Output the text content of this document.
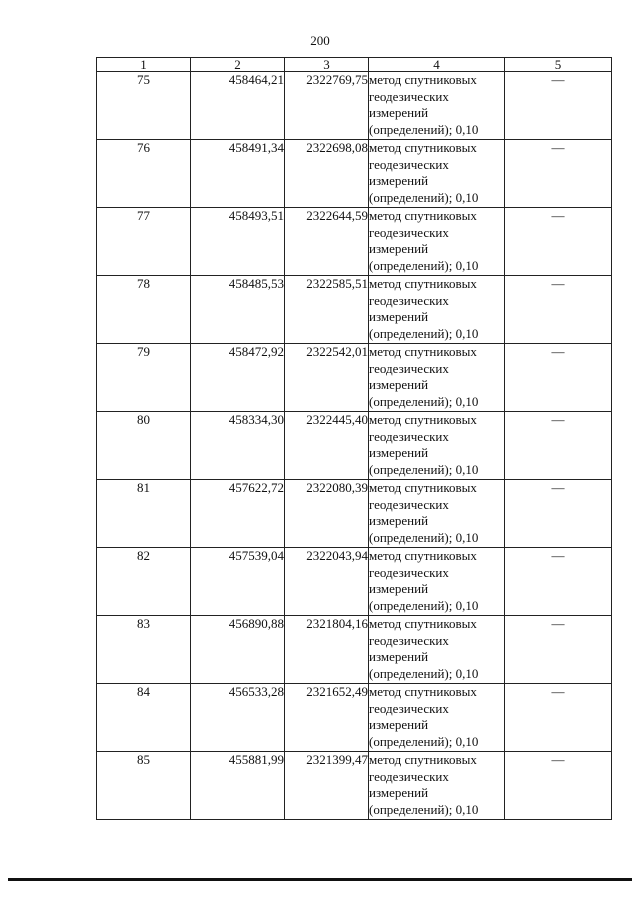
200
1	2	3	4	5
75	458464,21	2322769,75	метод спутниковых
геодезических
измерений
(определений); 0,10	—
76	458491,34	2322698,08	метод спутниковых
геодезических
измерений
(определений); 0,10	—
77	458493,51	2322644,59	метод спутниковых
геодезических
измерений
(определений); 0,10	—
78	458485,53	2322585,51	метод спутниковых
геодезических
измерений
(определений); 0,10	—
79	458472,92	2322542,01	метод спутниковых
геодезических
измерений
(определений); 0,10	—
80	458334,30	2322445,40	метод спутниковых
геодезических
измерений
(определений); 0,10	—
81	457622,72	2322080,39	метод спутниковых
геодезических
измерений
(определений); 0,10	—
82	457539,04	2322043,94	метод спутниковых
геодезических
измерений
(определений); 0,10	—
83	456890,88	2321804,16	метод спутниковых
геодезических
измерений
(определений); 0,10	—
84	456533,28	2321652,49	метод спутниковых
геодезических
измерений
(определений); 0,10	—
85	455881,99	2321399,47	метод спутниковых
геодезических
измерений
(определений); 0,10	—
